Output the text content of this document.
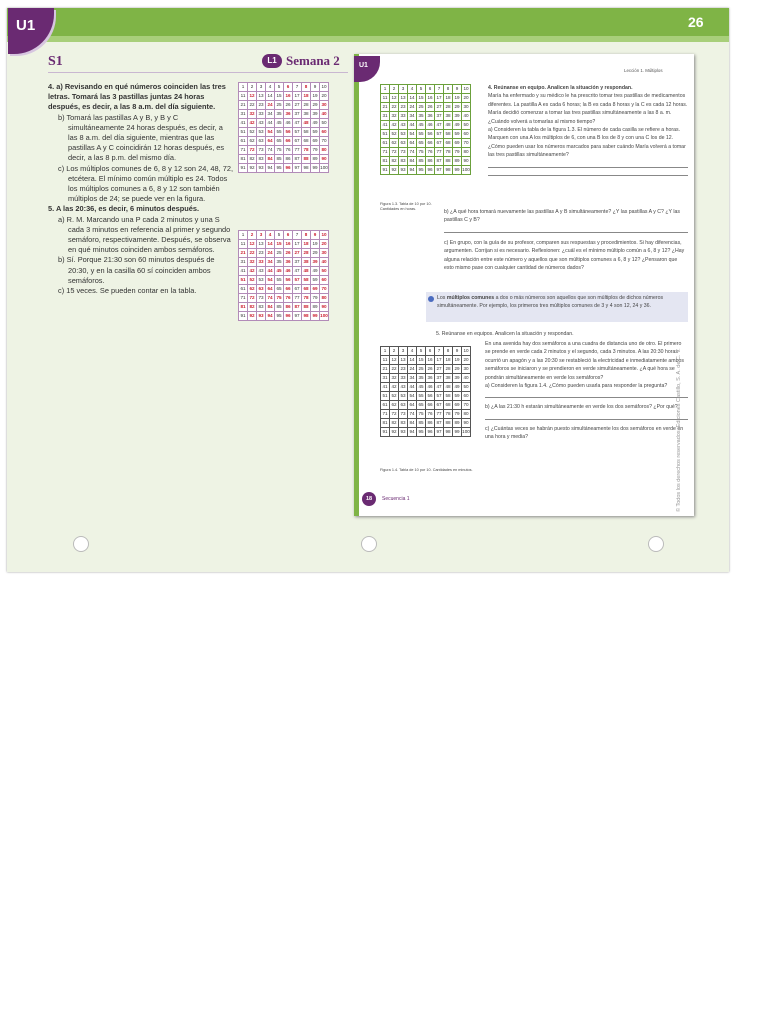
U1	26
S1	L1 Semana 2

4. a) Revisando en qué números coinciden las tres letras. Tomará las 3 pastillas juntas 24 horas después, es decir, a las 8 a.m. del día siguiente.

b) Tomará las pastillas A y B, y B y C simultáneamente 24 horas después, es decir, a las 8 a.m. del día siguiente, mientras que las pastillas A y C coincidirán 12 horas después, es decir, a las 8 p.m. del mismo día.

c) Los múltiplos comunes de 6, 8 y 12 son 24, 48, 72, etcétera. El mínimo común múltiplo es 24. Todos los múltiplos comunes a 6, 8 y 12 son también múltiplos de 24; se puede ver en la figura.

5. A las 20:36, es decir, 6 minutos después.

a) R. M. Marcando una P cada 2 minutos y una S cada 3 minutos en referencia al primer y segundo semáforo, respectivamente. Después, se observa en qué minutos coinciden ambos semáforos.

b) Sí. Porque 21:30 son 60 minutos después de 20:30, y en la casilla 60 sí coinciden ambos semáforos.

c) 15 veces. Se pueden contar en la tabla.

1	2	3	4	5	6	7	8	9	10
11	12	13	14	15	16	17	18	19	20
21	22	23	24	25	26	27	28	29	30
31	32	33	34	35	36	37	38	39	40
41	42	43	44	45	46	47	48	49	50
51	52	53	54	55	56	57	58	59	60
61	62	63	64	65	66	67	68	69	70
71	72	73	74	75	76	77	78	79	80
81	82	83	84	85	86	87	88	89	90
91	92	93	94	95	96	97	98	99	100
1	2	3	4	5	6	7	8	9	10
11	12	13	14	15	16	17	18	19	20
21	22	23	24	25	26	27	28	29	30
31	32	33	34	35	36	37	38	39	40
41	42	43	44	45	46	47	48	49	50
51	52	53	54	55	56	57	58	59	60
61	62	63	64	65	66	67	68	69	70
71	72	73	74	75	76	77	78	79	80
81	82	83	84	85	86	87	88	89	90
91	92	93	94	95	96	97	98	99	100
U1
Lección 1. Múltiplos
1	2	3	4	5	6	7	8	9	10
11	12	13	14	15	16	17	18	19	20
21	22	23	24	25	26	27	28	29	30
31	32	33	34	35	36	37	38	39	40
41	42	43	44	45	46	47	48	49	50
51	52	53	54	55	56	57	58	59	60
61	62	63	64	65	66	67	68	69	70
71	72	73	74	75	76	77	78	79	80
81	82	83	84	85	86	87	88	89	90
91	92	93	94	95	96	97	98	99	100
Figura 1.3. Tabla de 10 por 10. Cantidades en horas.

4. Reúnanse en equipo. Analicen la situación y respondan.

María ha enfermado y su médico le ha prescrito tomar tres pastillas de medicamentos diferentes. La pastilla A es cada 6 horas; la B es cada 8 horas y la C es cada 12 horas. María decidió comenzar a tomar las tres pastillas simultáneamente a las 8 a. m. ¿Cuándo volverá a tomarlas al mismo tiempo?

a) Consideren la tabla de la figura 1.3. El número de cada casilla se refiere a horas. Marquen con una A los múltiplos de 6, con una B los de 8 y con una C los de 12. ¿Cómo pueden usar los números marcados para saber cuándo María volverá a tomar las tres pastillas simultáneamente?

b) ¿A qué hora tomará nuevamente las pastillas A y B simultáneamente? ¿Y las pastillas A y C? ¿Y las pastillas C y B?

c) En grupo, con la guía de su profesor, comparen sus respuestas y procedimientos. Si hay diferencias, argumenten. Corrijan si es necesario. Reflexionen: ¿cuál es el mínimo múltiplo común a 6, 8 y 12? ¿Hay alguna relación entre este número y aquellos que son múltiplos comunes a 6, 8 y 12? ¿Pensaron que esto mismo pase con cualquier cantidad de números dados?

Los múltiplos comunes a dos o más números son aquellos que son múltiplos de dichos números simultáneamente. Por ejemplo, los primeros tres múltiplos comunes de 3 y 4 son 12, 24 y 36.
5. Reúnanse en equipos. Analicen la situación y respondan.
1	2	3	4	5	6	7	8	9	10
11	12	13	14	15	16	17	18	19	20
21	22	23	24	25	26	27	28	29	30
31	32	33	34	35	36	37	38	39	40
41	42	43	44	45	46	47	48	49	50
51	52	53	54	55	56	57	58	59	60
61	62	63	64	65	66	67	68	69	70
71	72	73	74	75	76	77	78	79	80
81	82	83	84	85	86	87	88	89	90
91	92	93	94	95	96	97	98	99	100
Figura 1.4. Tabla de 10 por 10. Cantidades en minutos.

En una avenida hay dos semáforos a una cuadra de distancia uno de otro. El primero se prende en verde cada 2 minutos y el segundo, cada 3 minutos. A las 20:30 horas ocurrió un apagón y a las 20:30 se restableció la electricidad e inmediatamente ambos semáforos se iniciaron y se prendieron en verde simultáneamente. ¿A qué hora se pondrán simultáneamente en verde los semáforos?

a) Consideren la figura 1.4. ¿Cómo pueden usarla para responder la pregunta?

b) ¿A las 21:30 h estarán simultáneamente en verde los dos semáforos? ¿Por qué?

c) ¿Cuántas veces se habrán puesto simultáneamente los dos semáforos en verde en una hora y media?

18	Secuencia 1	© Todos los derechos reservados, Ediciones Castillo, S. A. de C. V.
